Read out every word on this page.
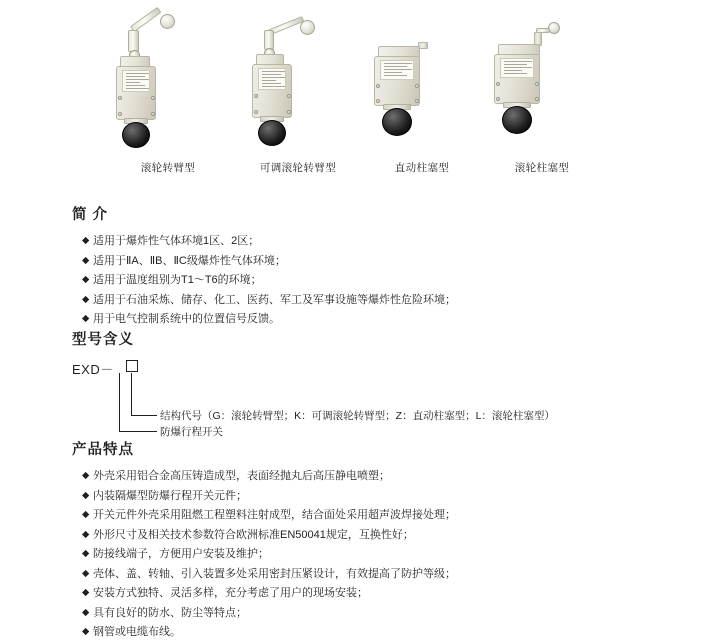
滚轮转臂型	可调滚轮转臂型	直动柱塞型	滚轮柱塞型
简 介
◆ 适用于爆炸性气体环境1区、2区；
◆ 适用于ⅡA、ⅡB、ⅡC级爆炸性气体环境；
◆ 适用于温度组别为T1～T6的环境；
◆ 适用于石油采炼、储存、化工、医药、军工及军事设施等爆炸性危险环境；
◆ 用于电气控制系统中的位置信号反馈。
型号含义
EXD－
结构代号（G：滚轮转臂型；K：可调滚轮转臂型；Z：直动柱塞型；L：滚轮柱塞型）
防爆行程开关
产品特点
◆ 外壳采用铝合金高压铸造成型，表面经抛丸后高压静电喷塑；
◆ 内装隔爆型防爆行程开关元件；
◆ 开关元件外壳采用阻燃工程塑料注射成型，结合面处采用超声波焊接处理；
◆ 外形尺寸及相关技术参数符合欧洲标准EN50041规定，互换性好；
◆ 防接线端子，方便用户安装及维护；
◆ 壳体、盖、转轴、引入装置多处采用密封压紧设计，有效提高了防护等级；
◆ 安装方式独特、灵活多样，充分考虑了用户的现场安装；
◆ 具有良好的防水、防尘等特点；
◆ 钢管或电缆布线。
